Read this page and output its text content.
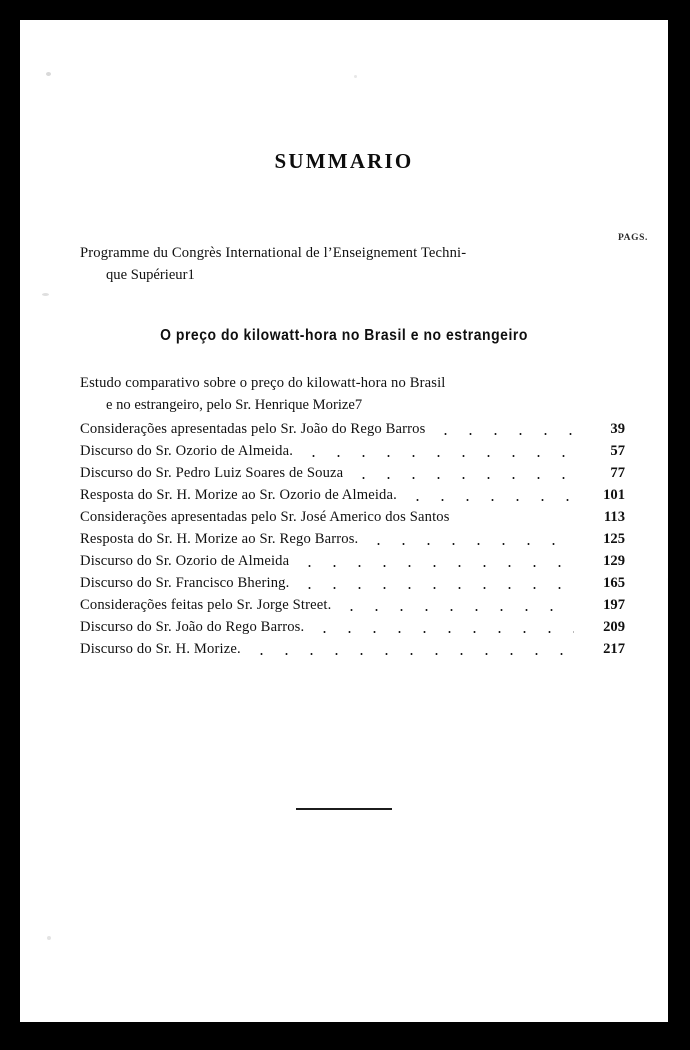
SUMMARIO
PAGS.
Programme du Congrès International de l’Enseignement Techni-
que Supérieur 1
O preço do kilowatt-hora no Brasil e no estrangeiro
Estudo comparativo sobre o preço do kilowatt-hora no Brasil
e no estrangeiro, pelo Sr. Henrique Morize 7
Considerações apresentadas pelo Sr. João do Rego Barros	39
Discurso do Sr. Ozorio de Almeida.	57
Discurso do Sr. Pedro Luiz Soares de Souza	77
Resposta do Sr. H. Morize ao Sr. Ozorio de Almeida.	101
Considerações apresentadas pelo Sr. José Americo dos Santos	113
Resposta do Sr. H. Morize ao Sr. Rego Barros.	125
Discurso do Sr. Ozorio de Almeida	129
Discurso do Sr. Francisco Bhering.	165
Considerações feitas pelo Sr. Jorge Street.	197
Discurso do Sr. João do Rego Barros.	209
Discurso do Sr. H. Morize.	217
